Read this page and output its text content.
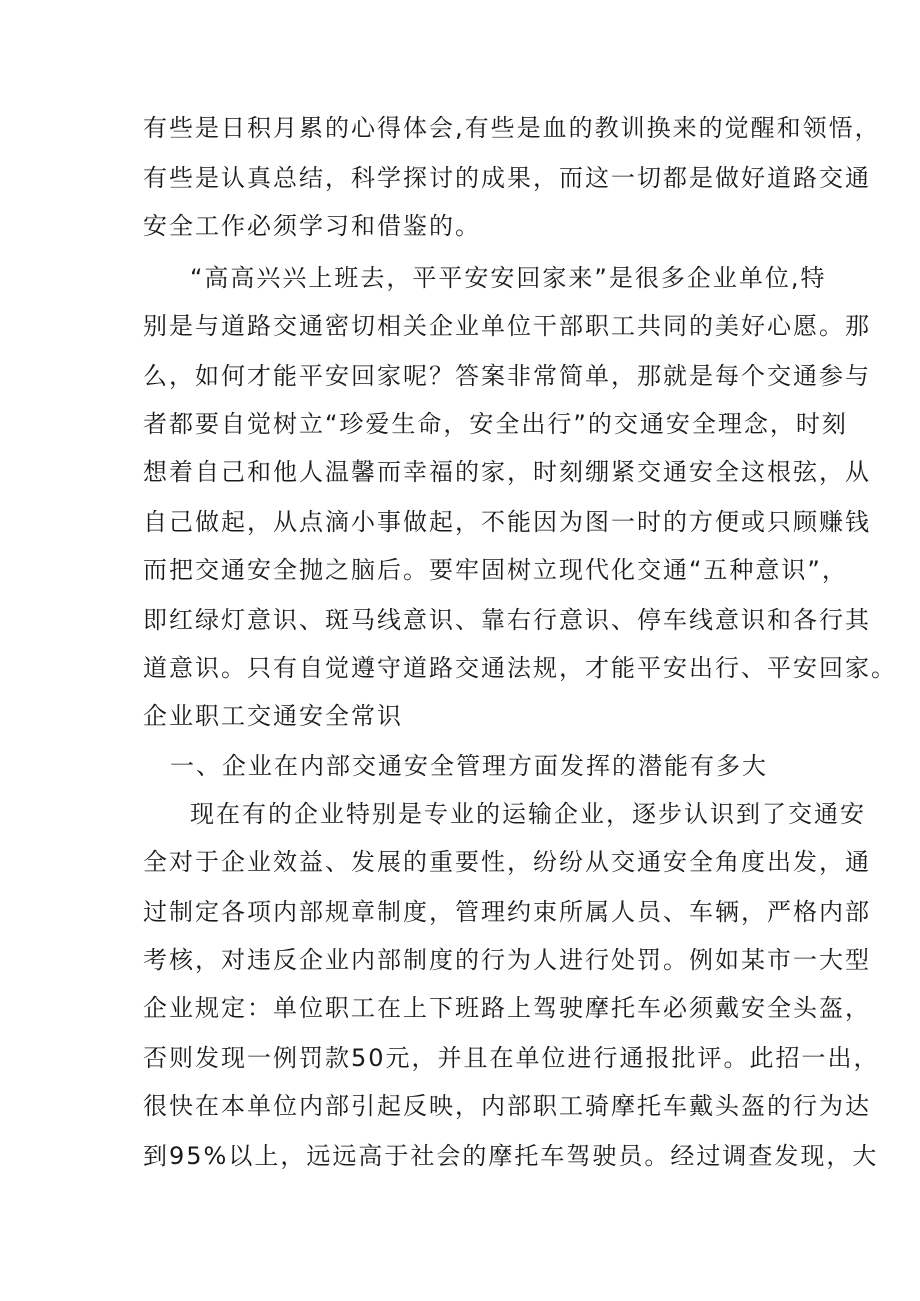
有些是日积月累的心得体会,有些是血的教训换来的觉醒和领悟，
有些是认真总结，科学探讨的成果，而这一切都是做好道路交通
安全工作必须学习和借鉴的。
“高高兴兴上班去，平平安安回家来”是很多企业单位,特
别是与道路交通密切相关企业单位干部职工共同的美好心愿。那
么，如何才能平安回家呢？答案非常简单，那就是每个交通参与
者都要自觉树立“珍爱生命，安全出行”的交通安全理念，时刻
想着自己和他人温馨而幸福的家，时刻绷紧交通安全这根弦，从
自己做起，从点滴小事做起，不能因为图一时的方便或只顾赚钱
而把交通安全抛之脑后。要牢固树立现代化交通“五种意识”，
即红绿灯意识、斑马线意识、靠右行意识、停车线意识和各行其
道意识。只有自觉遵守道路交通法规，才能平安出行、平安回家。
企业职工交通安全常识
一、企业在内部交通安全管理方面发挥的潜能有多大
现在有的企业特别是专业的运输企业，逐步认识到了交通安
全对于企业效益、发展的重要性，纷纷从交通安全角度出发，通
过制定各项内部规章制度，管理约束所属人员、车辆，严格内部
考核，对违反企业内部制度的行为人进行处罚。例如某市一大型
企业规定：单位职工在上下班路上驾驶摩托车必须戴安全头盔，
否则发现一例罚款50元，并且在单位进行通报批评。此招一出，
很快在本单位内部引起反映，内部职工骑摩托车戴头盔的行为达
到95%以上，远远高于社会的摩托车驾驶员。经过调查发现，大
